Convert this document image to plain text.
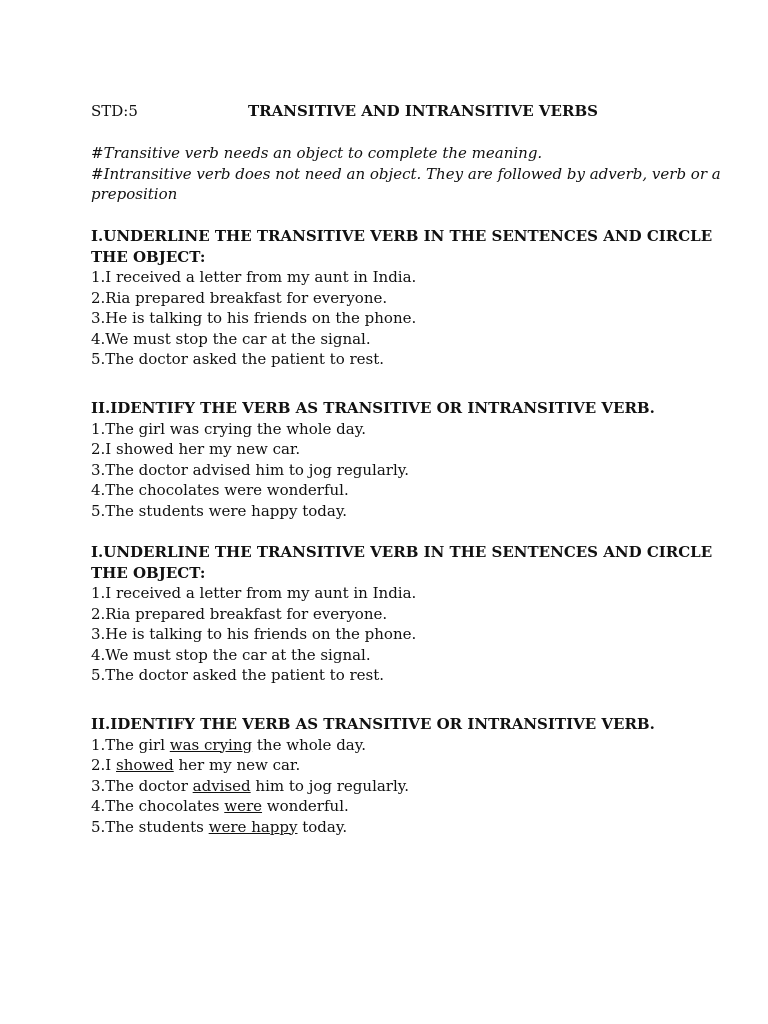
STD:5	TRANSITIVE AND INTRANSITIVE VERBS
#Transitive verb needs an object to complete the meaning.
#Intransitive verb does not need an object. They are followed by adverb, verb or a preposition
I.UNDERLINE THE TRANSITIVE VERB IN THE SENTENCES AND CIRCLE THE OBJECT:
1.I received a letter from my aunt in India.
2.Ria prepared breakfast for everyone.
3.He is talking to his friends on the phone.
4.We must stop the car at the signal.
5.The doctor asked the patient to rest.
II.IDENTIFY THE VERB AS TRANSITIVE OR INTRANSITIVE VERB.
1.The girl was crying the whole day.
2.I showed her my new car.
3.The doctor advised him to jog regularly.
4.The chocolates were wonderful.
5.The students were happy today.
I.UNDERLINE THE TRANSITIVE VERB IN THE SENTENCES AND CIRCLE THE OBJECT:
1.I received a letter from my aunt in India.
2.Ria prepared breakfast for everyone.
3.He is talking to his friends on the phone.
4.We must stop the car at the signal.
5.The doctor asked the patient to rest.
II.IDENTIFY THE VERB AS TRANSITIVE OR INTRANSITIVE VERB.
1.The girl was crying the whole day.
2.I showed her my new car.
3.The doctor advised him to jog regularly.
4.The chocolates were wonderful.
5.The students were happy today.
